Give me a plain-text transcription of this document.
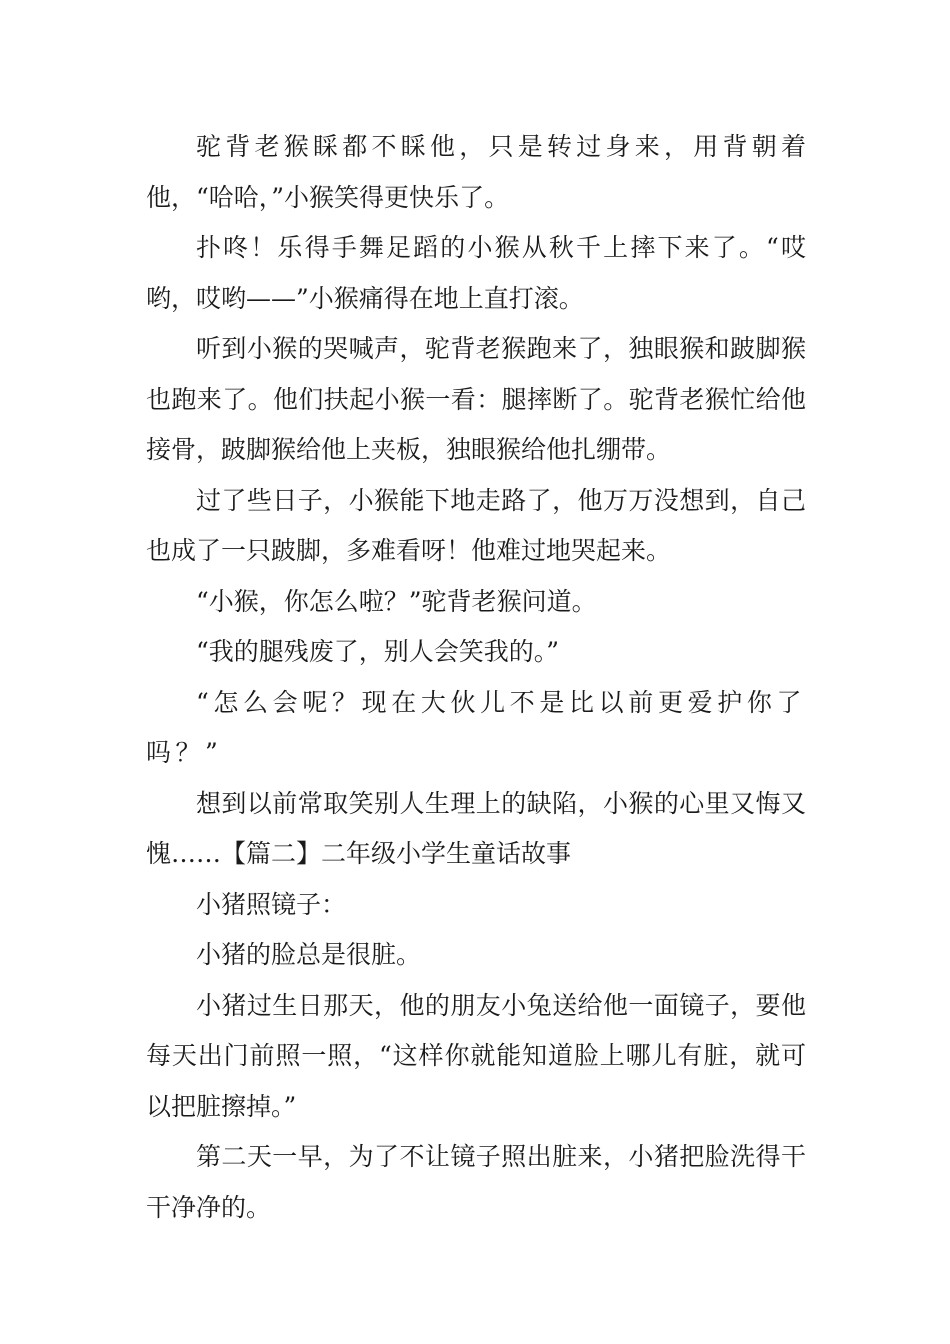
驼背老猴睬都不睬他，只是转过身来，用背朝着他，“哈哈，”小猴笑得更快乐了。

扑咚！乐得手舞足蹈的小猴从秋千上摔下来了。“哎哟，哎哟——”小猴痛得在地上直打滚。

听到小猴的哭喊声，驼背老猴跑来了，独眼猴和跛脚猴也跑来了。他们扶起小猴一看：腿摔断了。驼背老猴忙给他接骨，跛脚猴给他上夹板，独眼猴给他扎绷带。

过了些日子，小猴能下地走路了，他万万没想到，自己也成了一只跛脚，多难看呀！他难过地哭起来。

“小猴，你怎么啦？”驼背老猴问道。

“我的腿残废了，别人会笑我的。”

“怎么会呢？现在大伙儿不是比以前更爱护你了吗？”

想到以前常取笑别人生理上的缺陷，小猴的心里又悔又愧……【篇二】二年级小学生童话故事

小猪照镜子：

小猪的脸总是很脏。

小猪过生日那天，他的朋友小兔送给他一面镜子，要他每天出门前照一照，“这样你就能知道脸上哪儿有脏，就可以把脏擦掉。”

第二天一早，为了不让镜子照出脏来，小猪把脸洗得干干净净的。
